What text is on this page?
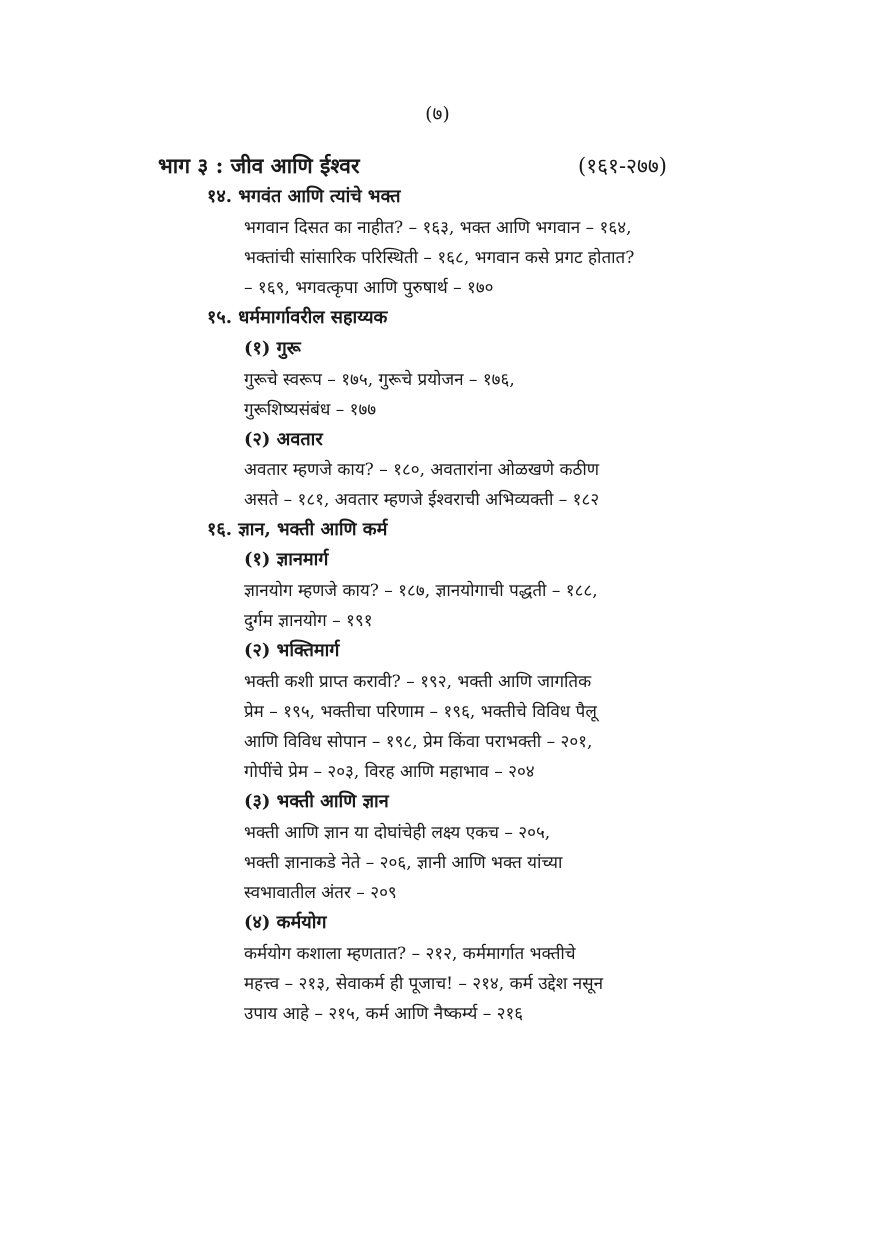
(७)
भाग ३ : जीव आणि ईश्वर	(१६१-२७७)
१४. भगवंत आणि त्यांचे भक्त
भगवान दिसत का नाहीत? – १६३, भक्त आणि भगवान – १६४,
भक्तांची सांसारिक परिस्थिती – १६८, भगवान कसे प्रगट होतात?
– १६९, भगवत्कृपा आणि पुरुषार्थ – १७०
१५. धर्ममार्गावरील सहाय्यक
(१) गुरू
गुरूचे स्वरूप – १७५, गुरूचे प्रयोजन – १७६,
गुरूशिष्यसंबंध – १७७
(२) अवतार
अवतार म्हणजे काय? – १८०, अवतारांना ओळखणे कठीण
असते – १८१, अवतार म्हणजे ईश्वराची अभिव्यक्ती – १८२
१६. ज्ञान, भक्ती आणि कर्म
(१) ज्ञानमार्ग
ज्ञानयोग म्हणजे काय? – १८७, ज्ञानयोगाची पद्धती – १८८,
दुर्गम ज्ञानयोग – १९१
(२) भक्तिमार्ग
भक्ती कशी प्राप्त करावी? – १९२, भक्ती आणि जागतिक
प्रेम – १९५, भक्तीचा परिणाम – १९६, भक्तीचे विविध पैलू
आणि विविध सोपान – १९८, प्रेम किंवा पराभक्ती – २०१,
गोपींचे प्रेम – २०३, विरह आणि महाभाव – २०४
(३) भक्ती आणि ज्ञान
भक्ती आणि ज्ञान या दोघांचेही लक्ष्य एकच – २०५,
भक्ती ज्ञानाकडे नेते – २०६, ज्ञानी आणि भक्त यांच्या
स्वभावातील अंतर – २०९
(४) कर्मयोग
कर्मयोग कशाला म्हणतात? – २१२, कर्ममार्गात भक्तीचे
महत्त्व – २१३, सेवाकर्म ही पूजाच! – २१४, कर्म उद्देश नसून
उपाय आहे – २१५, कर्म आणि नैष्कर्म्य – २१६
